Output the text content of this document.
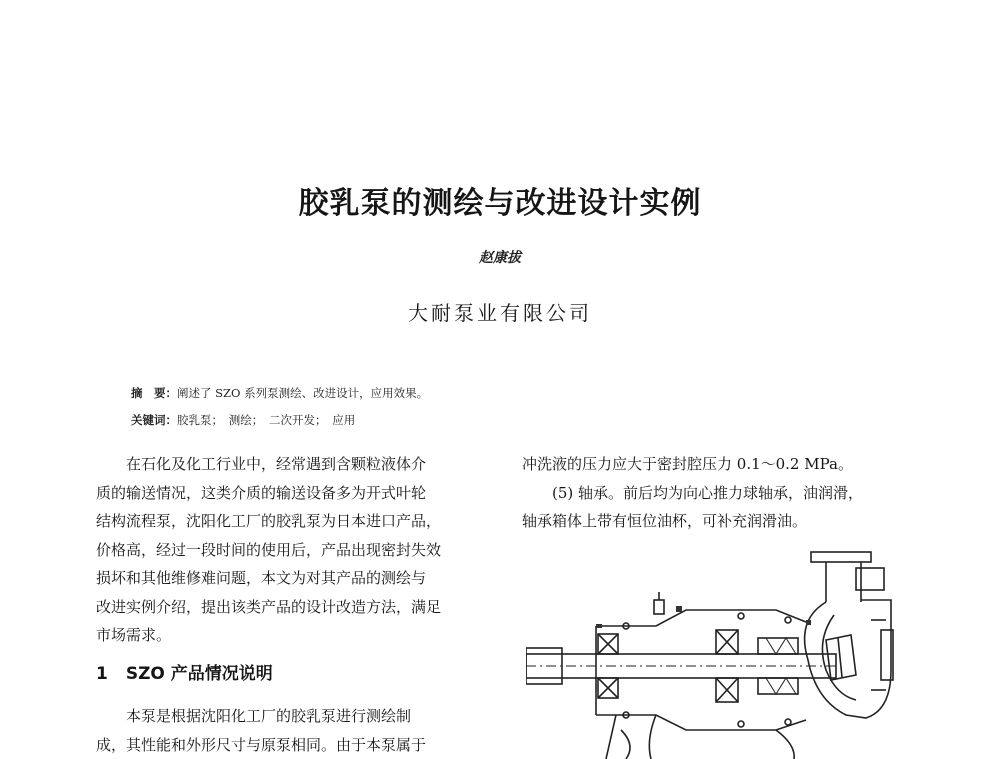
胶乳泵的测绘与改进设计实例
赵康拔
大耐泵业有限公司
摘　要：阐述了 SZO 系列泵测绘、改进设计，应用效果。
关键词：胶乳泵；　测绘；　二次开发；　应用

　　在石化及化工行业中，经常遇到含颗粒液体介

质的输送情况，这类介质的输送设备多为开式叶轮

结构流程泵，沈阳化工厂的胶乳泵为日本进口产品，

价格高，经过一段时间的使用后，产品出现密封失效

损坏和其他维修难问题，本文为对其产品的测绘与

改进实例介绍，提出该类产品的设计改造方法，满足

市场需求。

1 SZO 产品情况说明

　　本泵是根据沈阳化工厂的胶乳泵进行测绘制

成，其性能和外形尺寸与原泵相同。由于本泵属于

冲洗液的压力应大于密封腔压力 0.1～0.2 MPa。

　　(5) 轴承。前后均为向心推力球轴承，油润滑，

轴承箱体上带有恒位油杯，可补充润滑油。
